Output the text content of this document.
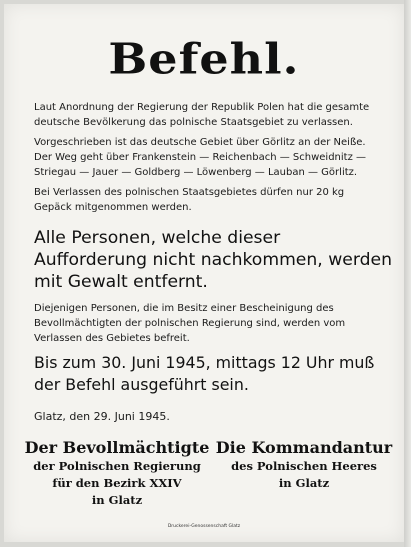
Befehl.
Laut Anordnung der Regierung der Republik Polen hat die gesamte deutsche Bevölkerung das polnische Staatsgebiet zu verlassen.
Vorgeschrieben ist das deutsche Gebiet über Görlitz an der Neiße. Der Weg geht über Frankenstein — Reichenbach — Schweidnitz — Striegau — Jauer — Goldberg — Löwenberg — Lauban — Görlitz.
Bei Verlassen des polnischen Staatsgebietes dürfen nur 20 kg Gepäck mitgenommen werden.
Alle Personen, welche dieser Aufforderung nicht nachkommen, werden mit Gewalt entfernt.
Diejenigen Personen, die im Besitz einer Bescheinigung des Bevollmächtigten der polnischen Regierung sind, werden vom Verlassen des Gebietes befreit.
Bis zum 30. Juni 1945, mittags 12 Uhr muß der Befehl ausgeführt sein.
Glatz, den 29. Juni 1945.
Der Bevollmächtigte
der Polnischen Regierung
für den Bezirk XXIV
in Glatz
Die Kommandantur
des Polnischen Heeres
in Glatz
Druckerei-Genossenschaft Glatz
